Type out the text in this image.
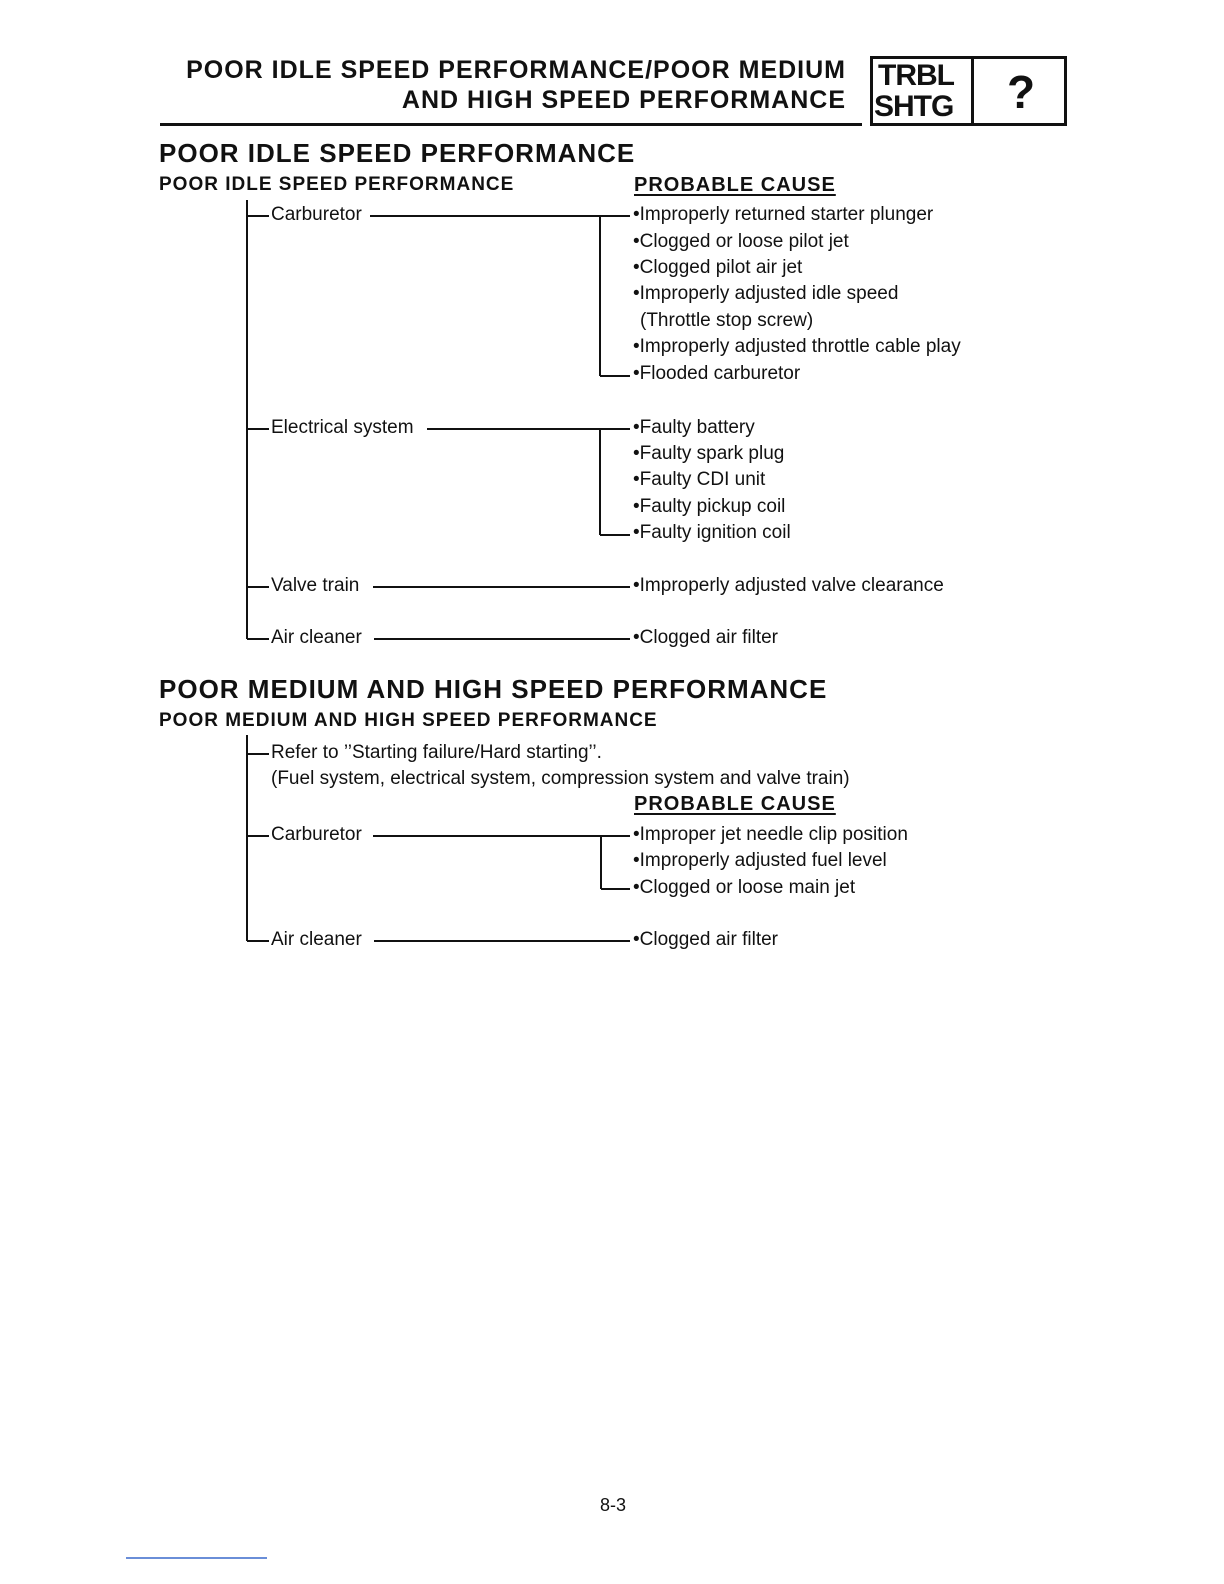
POOR IDLE SPEED PERFORMANCE/POOR MEDIUM
AND HIGH SPEED PERFORMANCE
TRBL
SHTG ?
POOR IDLE SPEED PERFORMANCE
POOR IDLE SPEED PERFORMANCE	PROBABLE CAUSE
Carburetor	•Improperly returned starter plunger
•Clogged or loose pilot jet
•Clogged pilot air jet
•Improperly adjusted idle speed
(Throttle stop screw)
•Improperly adjusted throttle cable play
•Flooded carburetor
Electrical system	•Faulty battery
•Faulty spark plug
•Faulty CDI unit
•Faulty pickup coil
•Faulty ignition coil
Valve train	•Improperly adjusted valve clearance
Air cleaner	•Clogged air filter
POOR MEDIUM AND HIGH SPEED PERFORMANCE
POOR MEDIUM AND HIGH SPEED PERFORMANCE
Refer to ’’Starting failure/Hard starting’’.
(Fuel system, electrical system, compression system and valve train)
PROBABLE CAUSE
Carburetor	•Improper jet needle clip position
•Improperly adjusted fuel level
•Clogged or loose main jet
Air cleaner	•Clogged air filter
8-3
